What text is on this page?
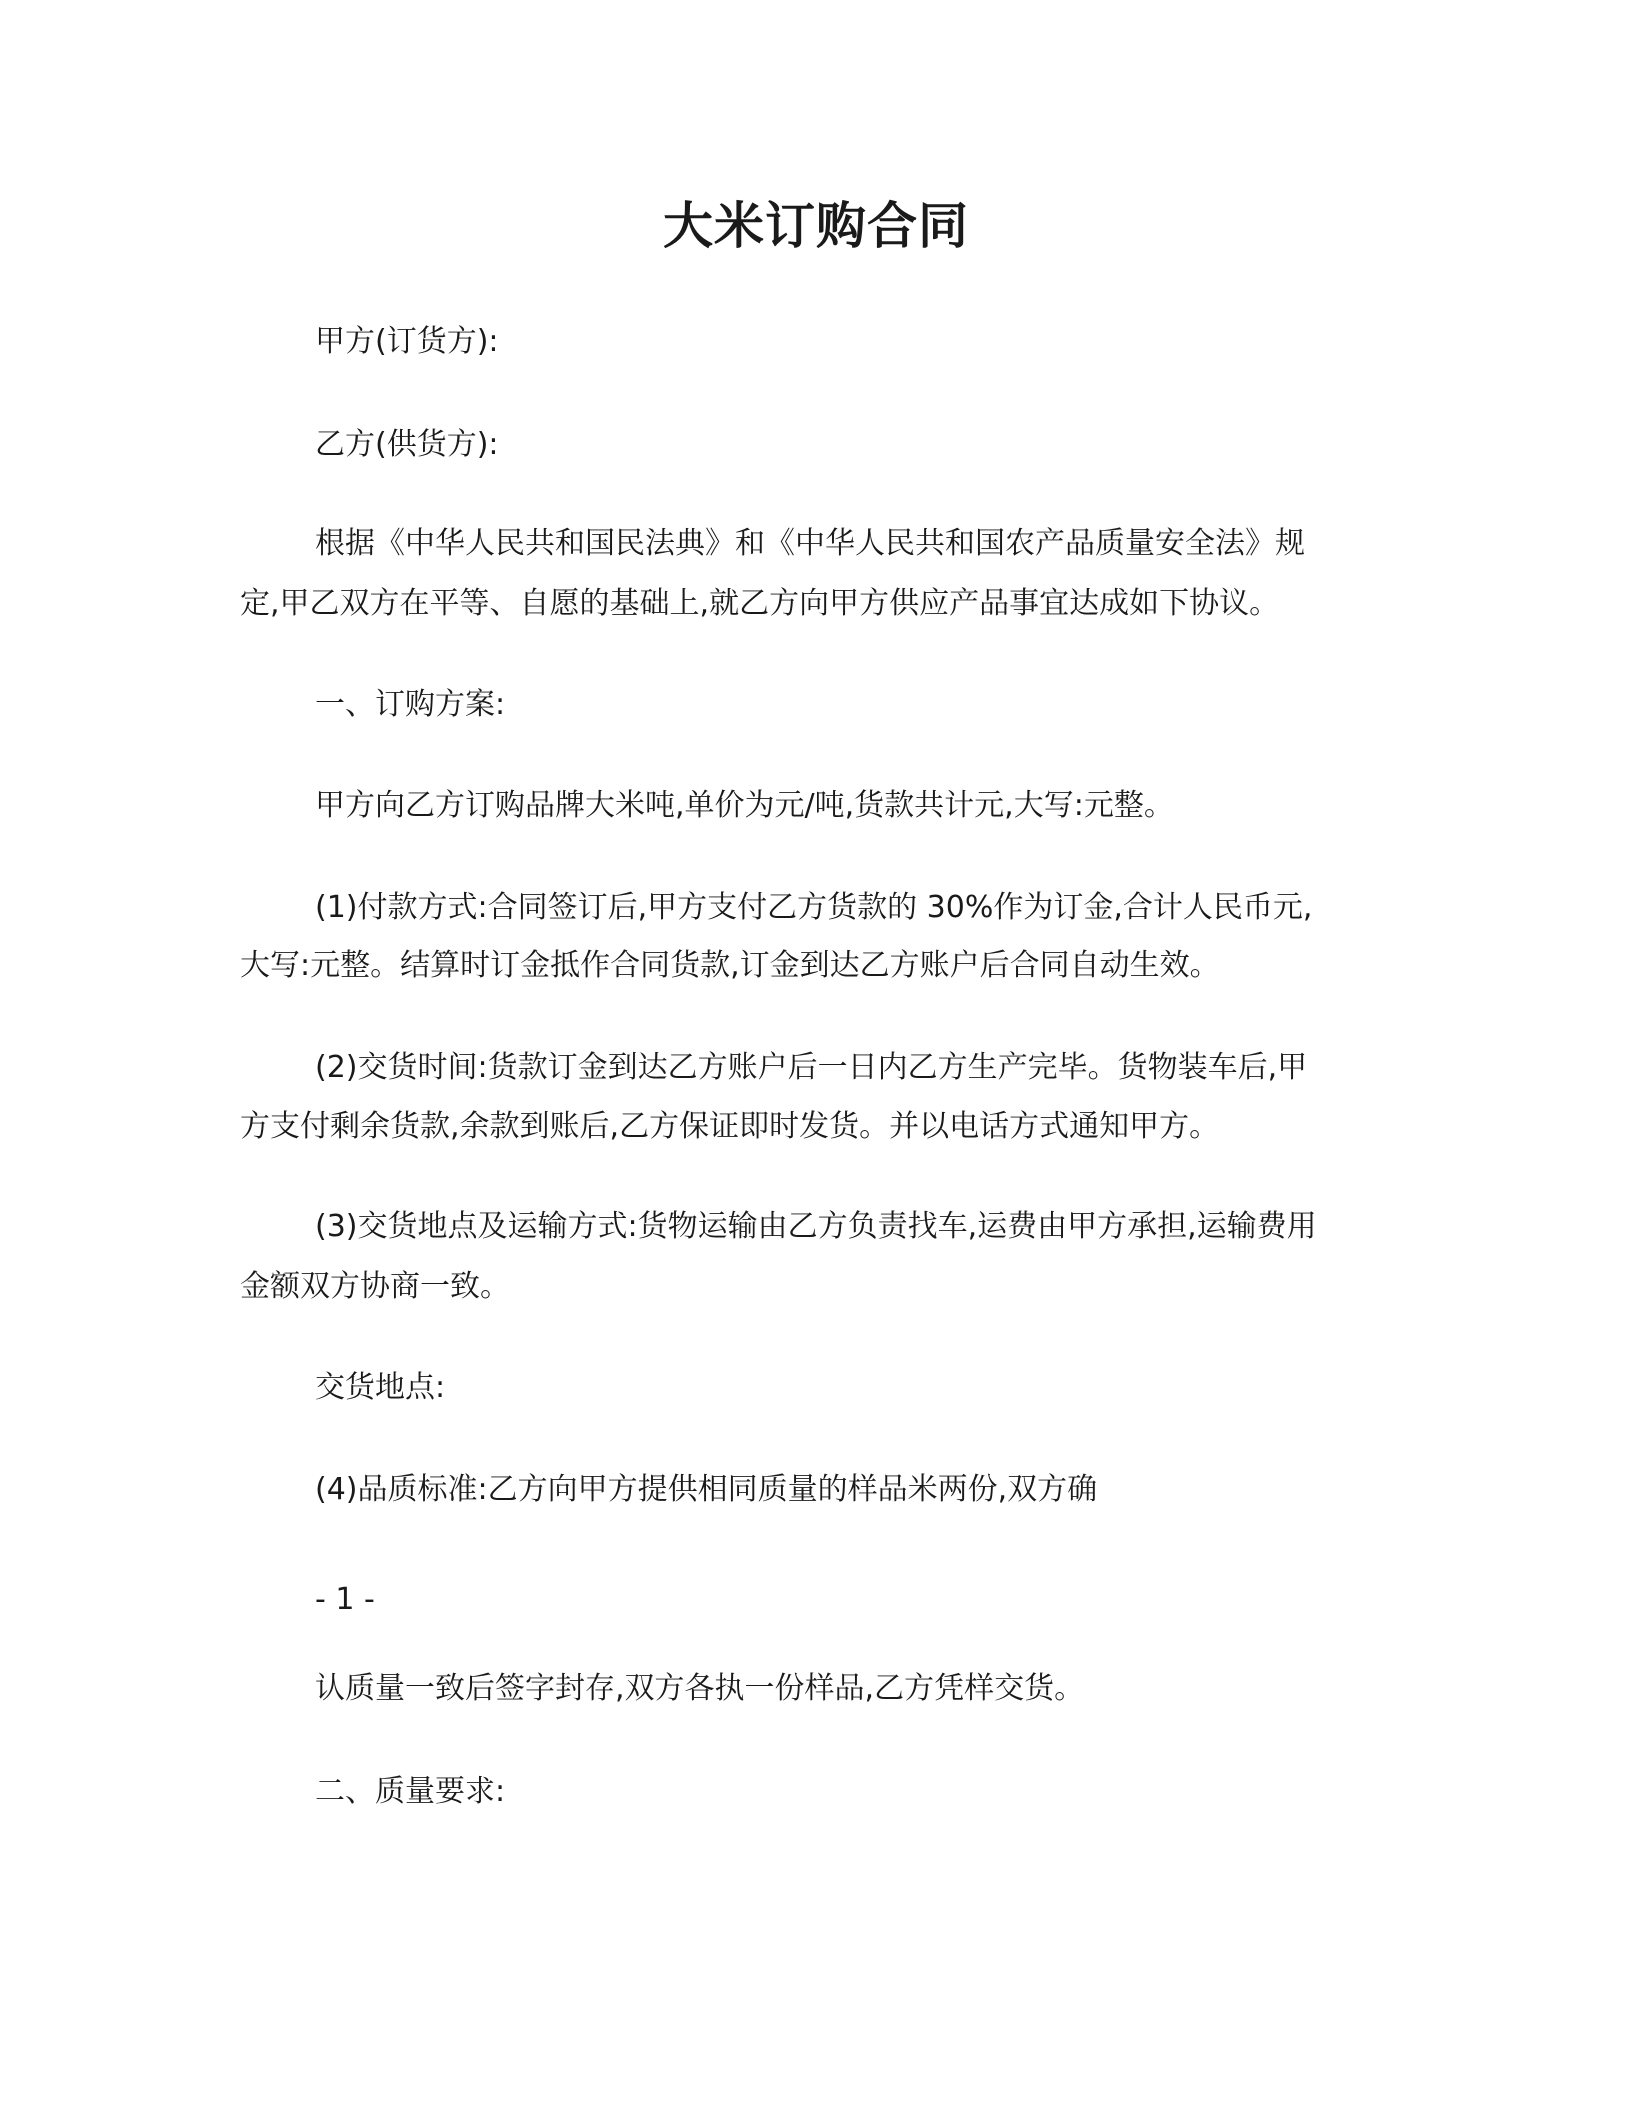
大米订购合同

甲方(订货方):

乙方(供货方):

根据《中华人民共和国民法典》和《中华人民共和国农产品质量安全法》规

定,甲乙双方在平等、自愿的基础上,就乙方向甲方供应产品事宜达成如下协议。

一、订购方案:

甲方向乙方订购品牌大米吨,单价为元/吨,货款共计元,大写:元整。

(1)付款方式:合同签订后,甲方支付乙方货款的 30%作为订金,合计人民币元,

大写:元整。结算时订金抵作合同货款,订金到达乙方账户后合同自动生效。

(2)交货时间:货款订金到达乙方账户后一日内乙方生产完毕。货物装车后,甲

方支付剩余货款,余款到账后,乙方保证即时发货。并以电话方式通知甲方。

(3)交货地点及运输方式:货物运输由乙方负责找车,运费由甲方承担,运输费用

金额双方协商一致。

交货地点:

(4)品质标准:乙方向甲方提供相同质量的样品米两份,双方确

- 1 -

认质量一致后签字封存,双方各执一份样品,乙方凭样交货。

二、质量要求:
